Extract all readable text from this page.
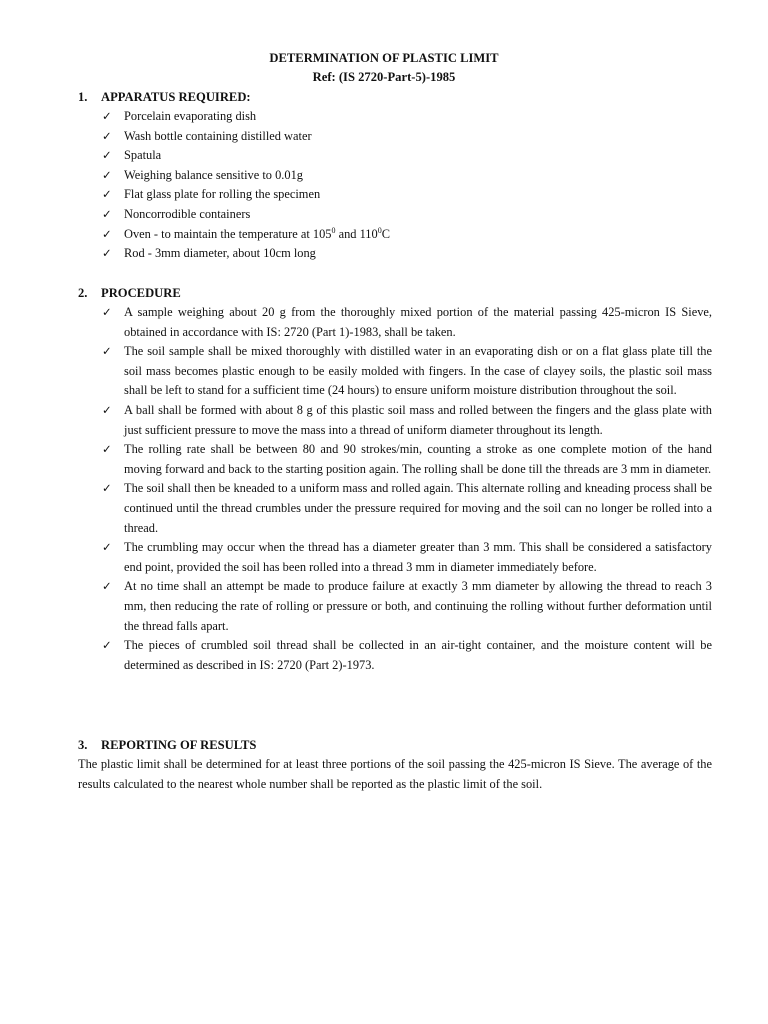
DETERMINATION OF PLASTIC LIMIT
Ref: (IS 2720-Part-5)-1985
1. APPARATUS REQUIRED:
✓ Porcelain evaporating dish
✓ Wash bottle containing distilled water
✓ Spatula
✓ Weighing balance sensitive to 0.01g
✓ Flat glass plate for rolling the specimen
✓ Noncorrodible containers
✓ Oven - to maintain the temperature at $105^0$ and $110^0C$
✓ Rod - 3mm diameter, about 10cm long
2. PROCEDURE
✓ A sample weighing about 20 g from the thoroughly mixed portion of the material passing 425-micron IS Sieve, obtained in accordance with IS: 2720 (Part 1)-1983, shall be taken.
✓ The soil sample shall be mixed thoroughly with distilled water in an evaporating dish or on a flat glass plate till the soil mass becomes plastic enough to be easily molded with fingers. In the case of clayey soils, the plastic soil mass shall be left to stand for a sufficient time (24 hours) to ensure uniform moisture distribution throughout the soil.
✓ A ball shall be formed with about 8 g of this plastic soil mass and rolled between the fingers and the glass plate with just sufficient pressure to move the mass into a thread of uniform diameter throughout its length.
✓ The rolling rate shall be between 80 and 90 strokes/min, counting a stroke as one complete motion of the hand moving forward and back to the starting position again. The rolling shall be done till the threads are 3 mm in diameter.
✓ The soil shall then be kneaded to a uniform mass and rolled again. This alternate rolling and kneading process shall be continued until the thread crumbles under the pressure required for moving and the soil can no longer be rolled into a thread.
✓ The crumbling may occur when the thread has a diameter greater than 3 mm. This shall be considered a satisfactory end point, provided the soil has been rolled into a thread 3 mm in diameter immediately before.
✓ At no time shall an attempt be made to produce failure at exactly 3 mm diameter by allowing the thread to reach 3 mm, then reducing the rate of rolling or pressure or both, and continuing the rolling without further deformation until the thread falls apart.
✓ The pieces of crumbled soil thread shall be collected in an air-tight container, and the moisture content will be determined as described in IS: 2720 (Part 2)-1973.
3. REPORTING OF RESULTS

The plastic limit shall be determined for at least three portions of the soil passing the 425-micron IS Sieve. The average of the results calculated to the nearest whole number shall be reported as the plastic limit of the soil.
